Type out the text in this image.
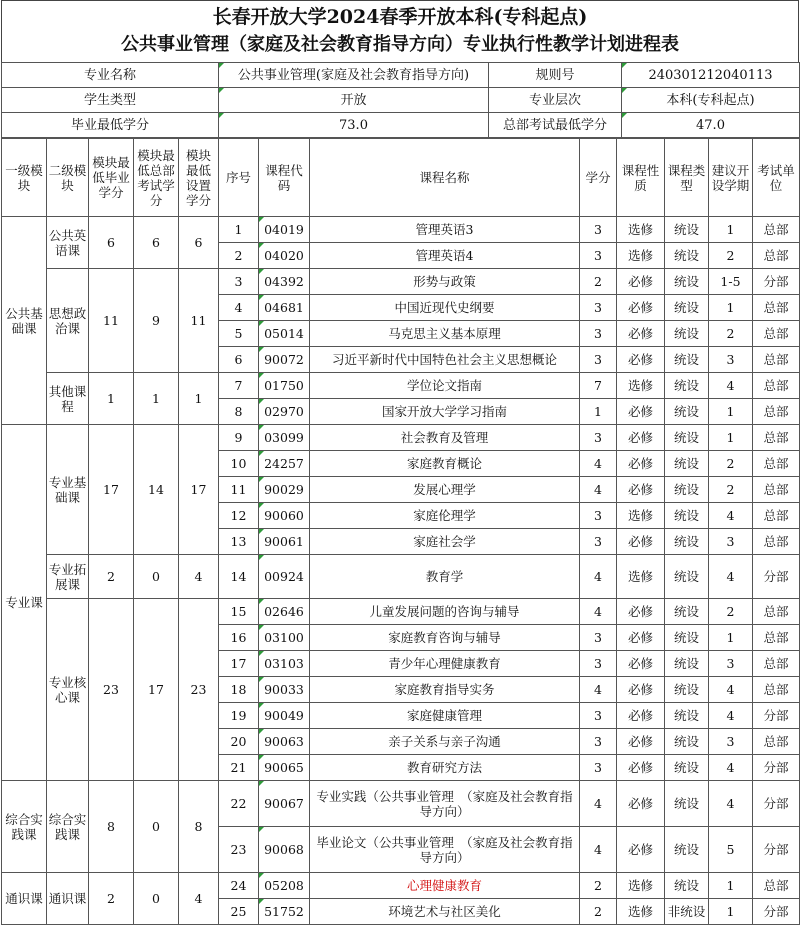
长春开放大学2024春季开放本科(专科起点)
公共事业管理（家庭及社会教育指导方向）专业执行性教学计划进程表
专业名称	公共事业管理(家庭及社会教育指导方向)	规则号	240301212040113
学生类型	开放	专业层次	本科(专科起点)
毕业最低学分	73.0	总部考试最低学分	47.0
一级模块	二级模块	模块最低毕业学分	模块最低总部考试学分	模块最低设置学分	序号	课程代码	课程名称	学分	课程性质	课程类型	建议开设学期	考试单位
公共基础课	公共英语课	6	6	6	1	04019	管理英语3	3	选修	统设	1	总部
					2	04020	管理英语4	3	选修	统设	2	总部
	思想政治课	11	9	11	3	04392	形势与政策	2	必修	统设	1-5	分部
					4	04681	中国近现代史纲要	3	必修	统设	1	总部
					5	05014	马克思主义基本原理	3	必修	统设	2	总部
					6	90072	习近平新时代中国特色社会主义思想概论	3	必修	统设	3	总部
	其他课程	1	1	1	7	01750	学位论文指南	7	选修	统设	4	总部
					8	02970	国家开放大学学习指南	1	必修	统设	1	总部
专业课	专业基础课	17	14	17	9	03099	社会教育及管理	3	必修	统设	1	总部
					10	24257	家庭教育概论	4	必修	统设	2	总部
					11	90029	发展心理学	4	必修	统设	2	总部
					12	90060	家庭伦理学	3	选修	统设	4	总部
					13	90061	家庭社会学	3	必修	统设	3	总部
	专业拓展课	2	0	4	14	00924	教育学	4	选修	统设	4	分部
	专业核心课	23	17	23	15	02646	儿童发展问题的咨询与辅导	4	必修	统设	2	总部
					16	03100	家庭教育咨询与辅导	3	必修	统设	1	总部
					17	03103	青少年心理健康教育	3	必修	统设	3	总部
					18	90033	家庭教育指导实务	4	必修	统设	4	总部
					19	90049	家庭健康管理	3	必修	统设	4	分部
					20	90063	亲子关系与亲子沟通	3	必修	统设	3	总部
					21	90065	教育研究方法	3	必修	统设	4	分部
综合实践课	综合实践课	8	0	8	22	90067	专业实践（公共事业管理　（家庭及社会教育指导方向）	4	必修	统设	4	分部
					23	90068	毕业论文（公共事业管理　（家庭及社会教育指导方向）	4	必修	统设	5	分部
通识课	通识课	2	0	4	24	05208	心理健康教育	2	选修	统设	1	总部
					25	51752	环境艺术与社区美化	2	选修	非统设	1	分部
